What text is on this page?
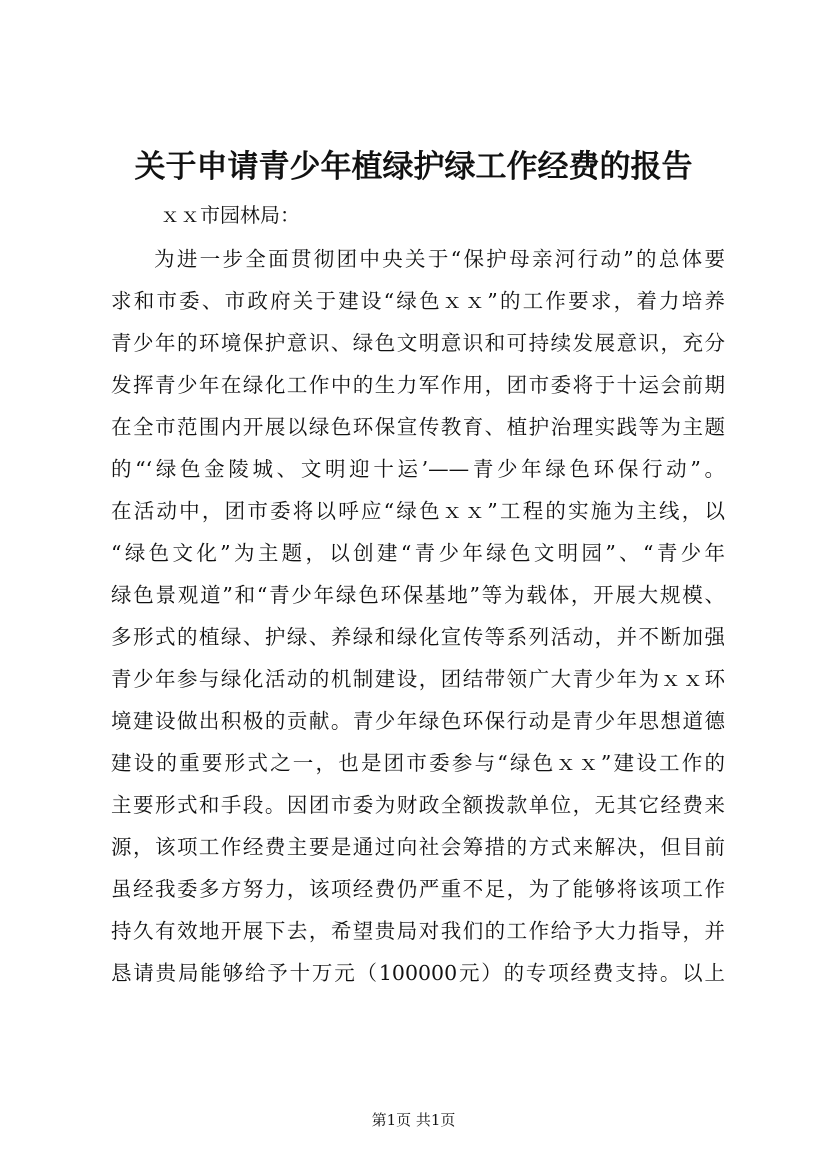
关于申请青少年植绿护绿工作经费的报告

ｘｘ市园林局：

为进一步全面贯彻团中央关于“保护母亲河行动”的总体要
求和市委、市政府关于建设“绿色ｘｘ”的工作要求，着力培养
青少年的环境保护意识、绿色文明意识和可持续发展意识，充分
发挥青少年在绿化工作中的生力军作用，团市委将于十运会前期
在全市范围内开展以绿色环保宣传教育、植护治理实践等为主题
的“‘绿色金陵城、文明迎十运’——青少年绿色环保行动”。
在活动中，团市委将以呼应“绿色ｘｘ”工程的实施为主线，以
“绿色文化”为主题，以创建“青少年绿色文明园”、“青少年
绿色景观道”和“青少年绿色环保基地”等为载体，开展大规模、
多形式的植绿、护绿、养绿和绿化宣传等系列活动，并不断加强
青少年参与绿化活动的机制建设，团结带领广大青少年为ｘｘ环
境建设做出积极的贡献。青少年绿色环保行动是青少年思想道德
建设的重要形式之一，也是团市委参与“绿色ｘｘ”建设工作的
主要形式和手段。因团市委为财政全额拨款单位，无其它经费来
源，该项工作经费主要是通过向社会筹措的方式来解决，但目前
虽经我委多方努力，该项经费仍严重不足，为了能够将该项工作
持久有效地开展下去，希望贵局对我们的工作给予大力指导，并
恳请贵局能够给予十万元（100000元）的专项经费支持。以上

第1页 共1页
